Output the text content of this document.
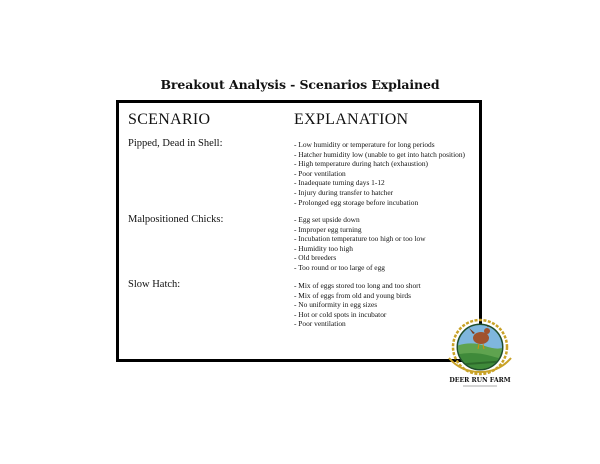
Breakout Analysis - Scenarios Explained
SCENARIO	EXPLANATION
Pipped, Dead in Shell:	- Low humidity or temperature for long periods
- Hatcher humidity low (unable to get into hatch position)
- High temperature during hatch (exhaustion)
- Poor ventilation
- Inadequate turning days 1-12
- Injury during transfer to hatcher
- Prolonged egg storage before incubation
Malpositioned Chicks:	- Egg set upside down
- Improper egg turning
- Incubation temperature too high or too low
- Humidity too high
- Old breeders
- Too round or too large of egg
Slow Hatch:	- Mix of eggs stored too long and too short
- Mix of eggs from old and young birds
- No uniformity in egg sizes
- Hot or cold spots in incubator
- Poor ventilation
DEER RUN FARM
